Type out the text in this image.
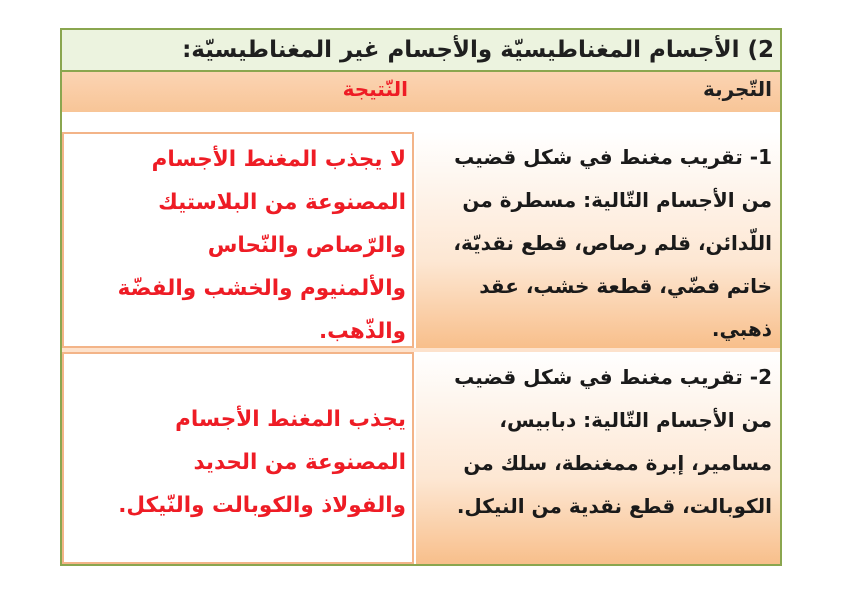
2) الأجسام المغناطيسيّة والأجسام غير المغناطيسيّة:
التّجربة
النّتيجة

1- تقريب مغنط في شكل قضيب

من الأجسام التّالية: مسطرة من

اللّدائن، قلم رصاص، قطع نقديّة،

خاتم فضّي، قطعة خشب، عقد

ذهبي.

لا يجذب المغنط الأجسام

المصنوعة من البلاستيك

والرّصاص والنّحاس

والألمنيوم والخشب والفضّة

والذّهب.

2- تقريب مغنط في شكل قضيب

من الأجسام التّالية: دبابيس،

مسامير، إبرة ممغنطة، سلك من

الكوبالت، قطع نقدية من النيكل.

يجذب المغنط الأجسام

المصنوعة من الحديد

والفولاذ والكوبالت والنّيكل.
